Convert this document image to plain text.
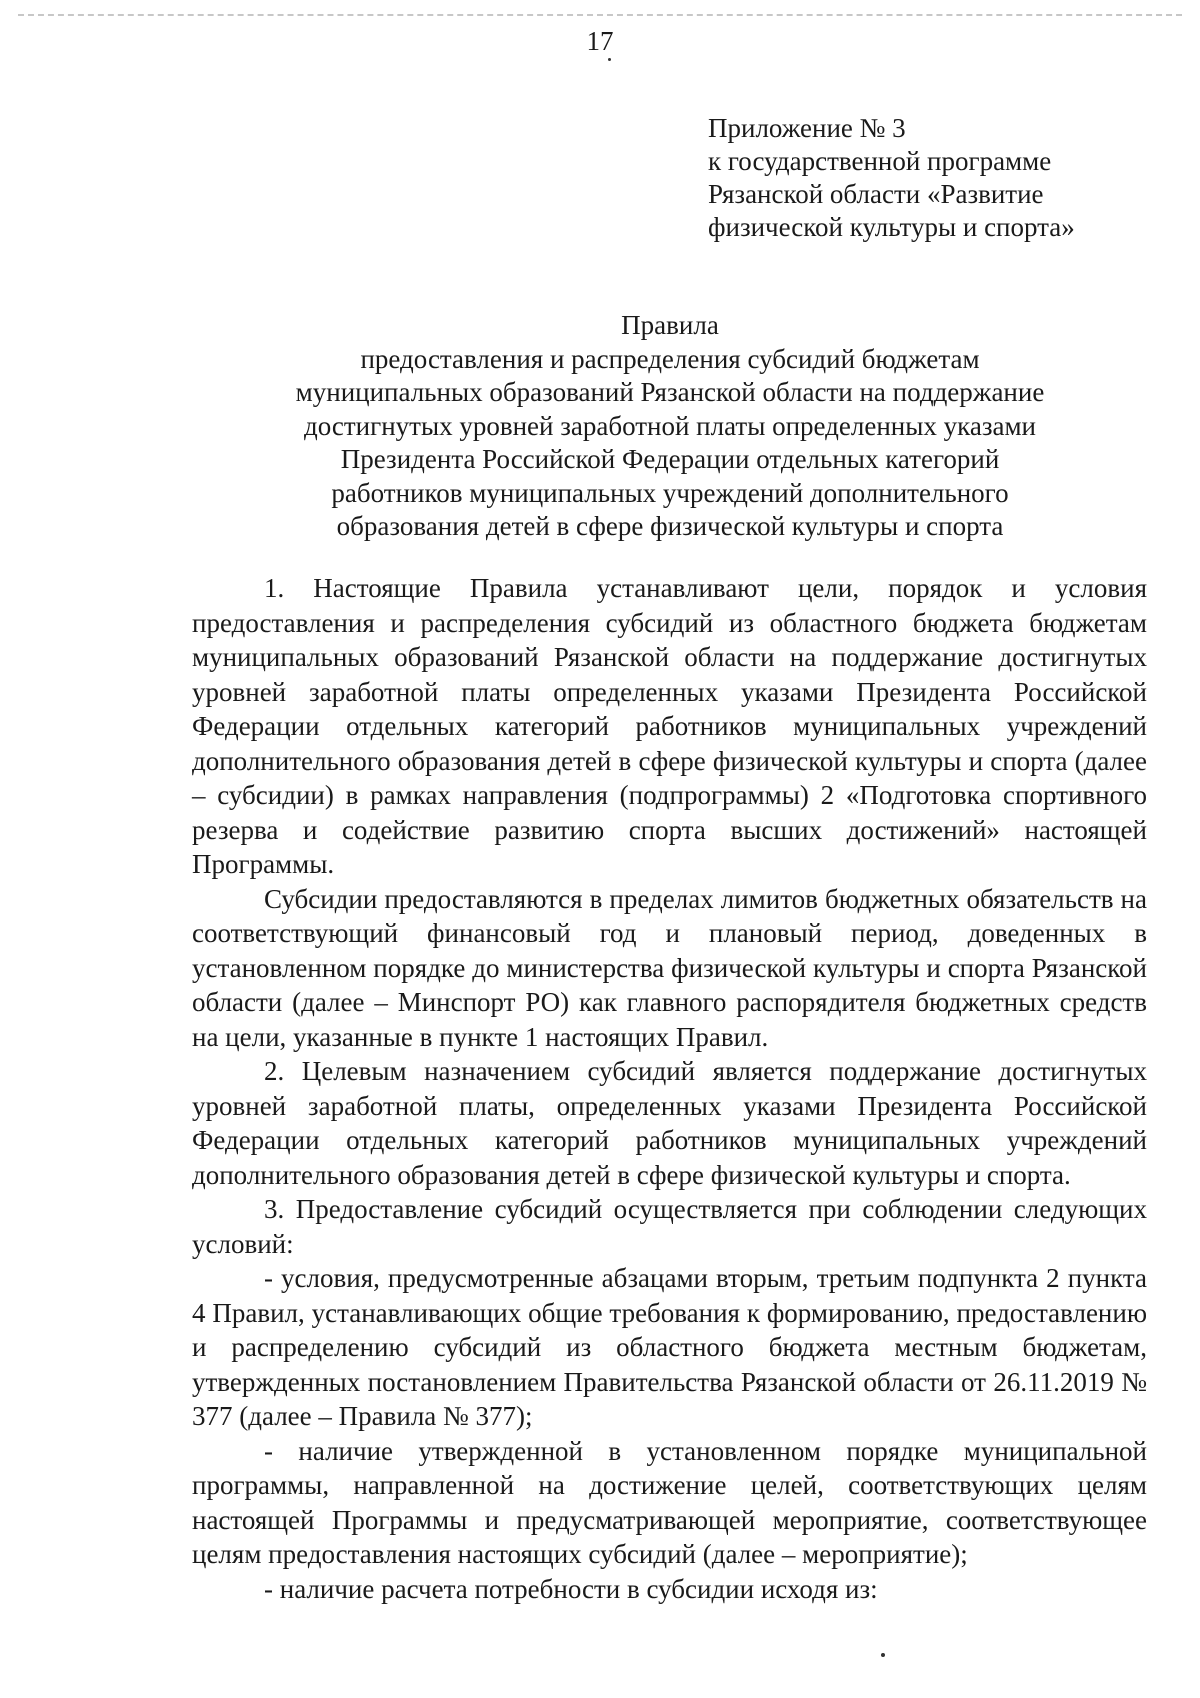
17
Приложение № 3
к государственной программе
Рязанской области «Развитие
физической культуры и спорта»
Правила
предоставления и распределения субсидий бюджетам
муниципальных образований Рязанской области на поддержание
достигнутых уровней заработной платы определенных указами
Президента Российской Федерации отдельных категорий
работников муниципальных учреждений дополнительного
образования детей в сфере физической культуры и спорта

1. Настоящие Правила устанавливают цели, порядок и условия предоставления и распределения субсидий из областного бюджета бюджетам муниципальных образований Рязанской области на поддержание достигнутых уровней заработной платы определенных указами Президента Российской Федерации отдельных категорий работников муниципальных учреждений дополнительного образования детей в сфере физической культуры и спорта (далее – субсидии) в рамках направления (подпрограммы) 2 «Подготовка спортивного резерва и содействие развитию спорта высших достижений» настоящей Программы.

Субсидии предоставляются в пределах лимитов бюджетных обязательств на соответствующий финансовый год и плановый период, доведенных в установленном порядке до министерства физической культуры и спорта Рязанской области (далее – Минспорт РО) как главного распорядителя бюджетных средств на цели, указанные в пункте 1 настоящих Правил.

2. Целевым назначением субсидий является поддержание достигнутых уровней заработной платы, определенных указами Президента Российской Федерации отдельных категорий работников муниципальных учреждений дополнительного образования детей в сфере физической культуры и спорта.

3. Предоставление субсидий осуществляется при соблюдении следующих условий:

- условия, предусмотренные абзацами вторым, третьим подпункта 2 пункта 4 Правил, устанавливающих общие требования к формированию, предоставлению и распределению субсидий из областного бюджета местным бюджетам, утвержденных постановлением Правительства Рязанской области от 26.11.2019 № 377 (далее – Правила № 377);

- наличие утвержденной в установленном порядке муниципальной программы, направленной на достижение целей, соответствующих целям настоящей Программы и предусматривающей мероприятие, соответствующее целям предоставления настоящих субсидий (далее – мероприятие);

- наличие расчета потребности в субсидии исходя из:
